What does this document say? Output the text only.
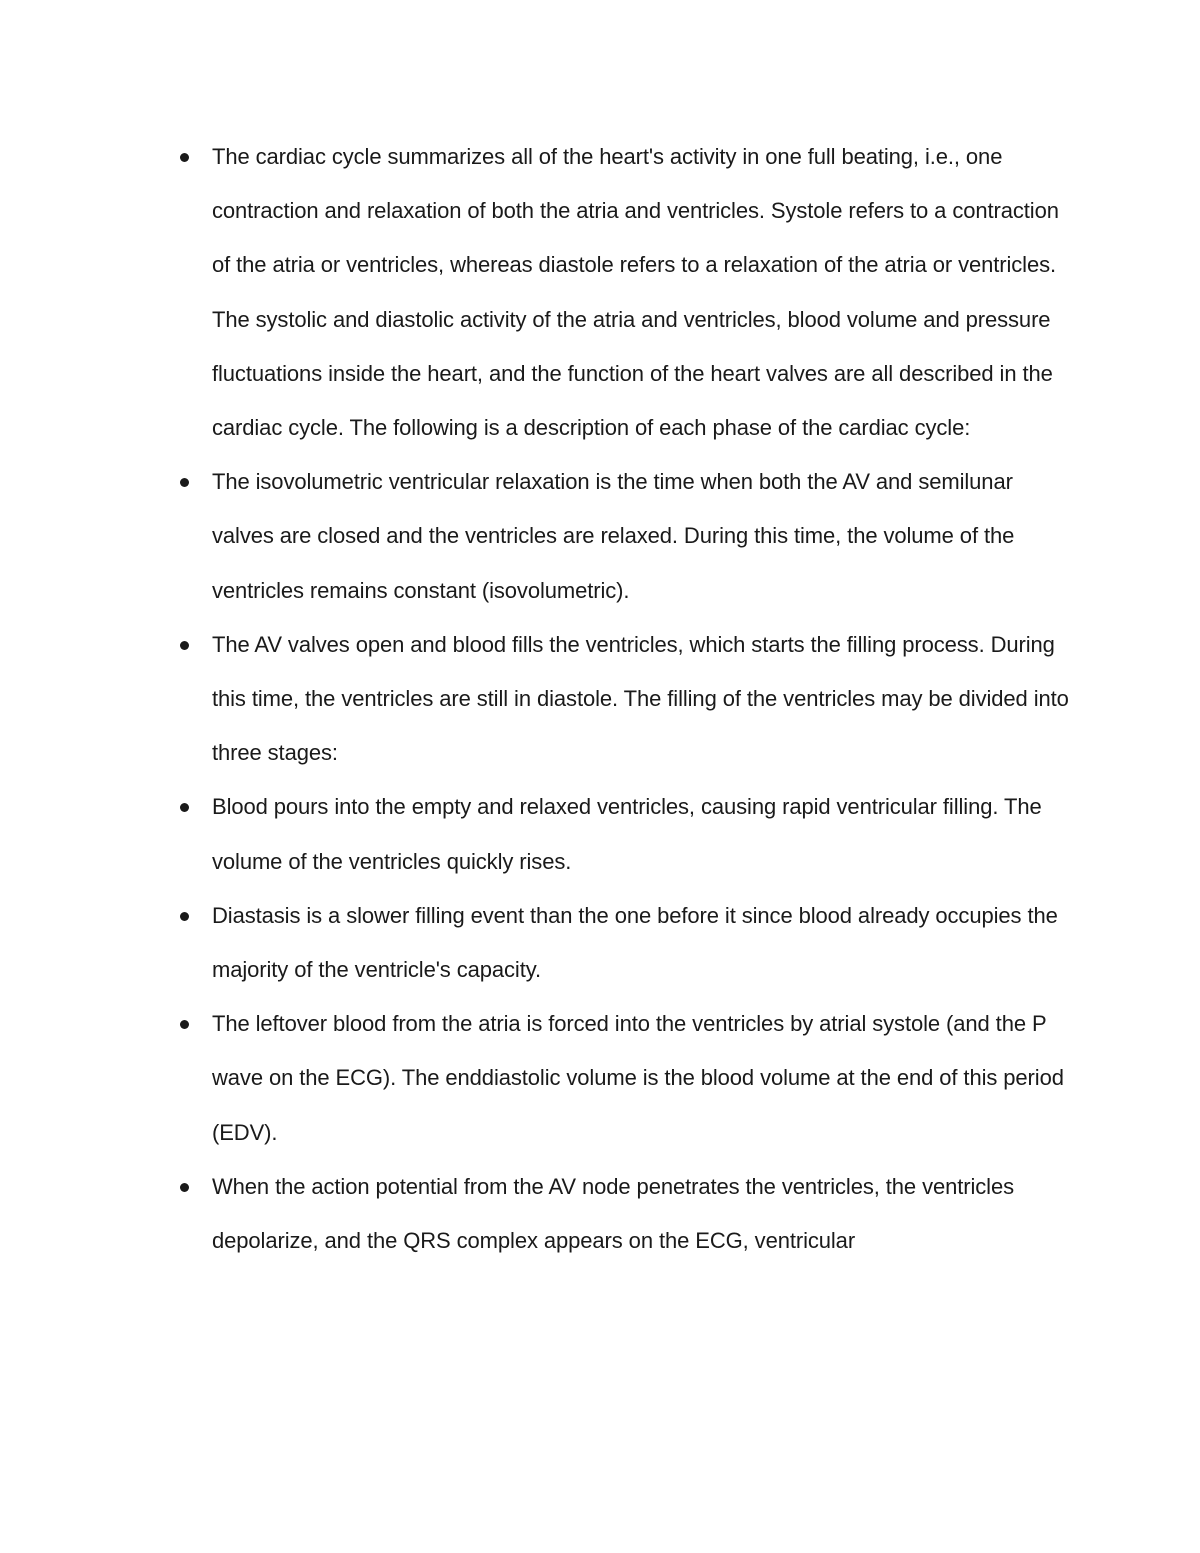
The cardiac cycle summarizes all of the heart's activity in one full beating, i.e., one contraction and relaxation of both the atria and ventricles. Systole refers to a contraction of the atria or ventricles, whereas diastole refers to a relaxation of the atria or ventricles. The systolic and diastolic activity of the atria and ventricles, blood volume and pressure fluctuations inside the heart, and the function of the heart valves are all described in the cardiac cycle. The following is a description of each phase of the cardiac cycle:
The isovolumetric ventricular relaxation is the time when both the AV and semilunar valves are closed and the ventricles are relaxed. During this time, the volume of the ventricles remains constant (isovolumetric).
The AV valves open and blood fills the ventricles, which starts the filling process. During this time, the ventricles are still in diastole. The filling of the ventricles may be divided into three stages:
Blood pours into the empty and relaxed ventricles, causing rapid ventricular filling. The volume of the ventricles quickly rises.
Diastasis is a slower filling event than the one before it since blood already occupies the majority of the ventricle's capacity.
The leftover blood from the atria is forced into the ventricles by atrial systole (and the P wave on the ECG). The enddiastolic volume is the blood volume at the end of this period (EDV).
When the action potential from the AV node penetrates the ventricles, the ventricles depolarize, and the QRS complex appears on the ECG, ventricular
